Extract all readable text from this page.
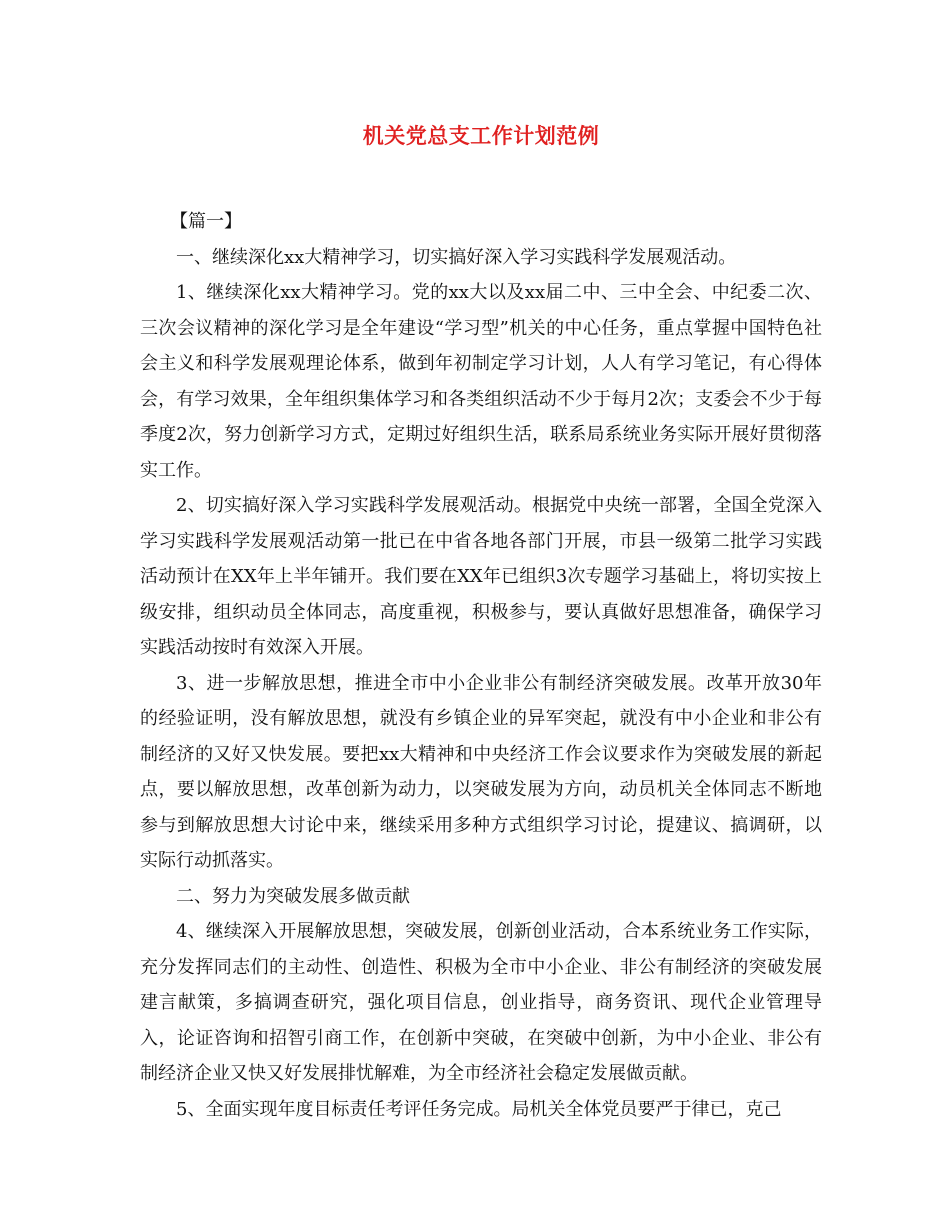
机关党总支工作计划范例

【篇一】

一、继续深化xx大精神学习，切实搞好深入学习实践科学发展观活动。

1、继续深化xx大精神学习。党的xx大以及xx届二中、三中全会、中纪委二次、三次会议精神的深化学习是全年建设“学习型”机关的中心任务，重点掌握中国特色社会主义和科学发展观理论体系，做到年初制定学习计划，人人有学习笔记，有心得体会，有学习效果，全年组织集体学习和各类组织活动不少于每月2次；支委会不少于每季度2次，努力创新学习方式，定期过好组织生活，联系局系统业务实际开展好贯彻落实工作。

2、切实搞好深入学习实践科学发展观活动。根据党中央统一部署，全国全党深入学习实践科学发展观活动第一批已在中省各地各部门开展，市县一级第二批学习实践活动预计在XX年上半年铺开。我们要在XX年已组织3次专题学习基础上，将切实按上级安排，组织动员全体同志，高度重视，积极参与，要认真做好思想准备，确保学习实践活动按时有效深入开展。

3、进一步解放思想，推进全市中小企业非公有制经济突破发展。改革开放30年的经验证明，没有解放思想，就没有乡镇企业的异军突起，就没有中小企业和非公有制经济的又好又快发展。要把xx大精神和中央经济工作会议要求作为突破发展的新起点，要以解放思想，改革创新为动力，以突破发展为方向，动员机关全体同志不断地参与到解放思想大讨论中来，继续采用多种方式组织学习讨论，提建议、搞调研，以实际行动抓落实。

二、努力为突破发展多做贡献

4、继续深入开展解放思想，突破发展，创新创业活动，合本系统业务工作实际，充分发挥同志们的主动性、创造性、积极为全市中小企业、非公有制经济的突破发展建言献策，多搞调查研究，强化项目信息，创业指导，商务资讯、现代企业管理导入，论证咨询和招智引商工作，在创新中突破，在突破中创新，为中小企业、非公有制经济企业又快又好发展排忧解难，为全市经济社会稳定发展做贡献。

5、全面实现年度目标责任考评任务完成。局机关全体党员要严于律已，克己
